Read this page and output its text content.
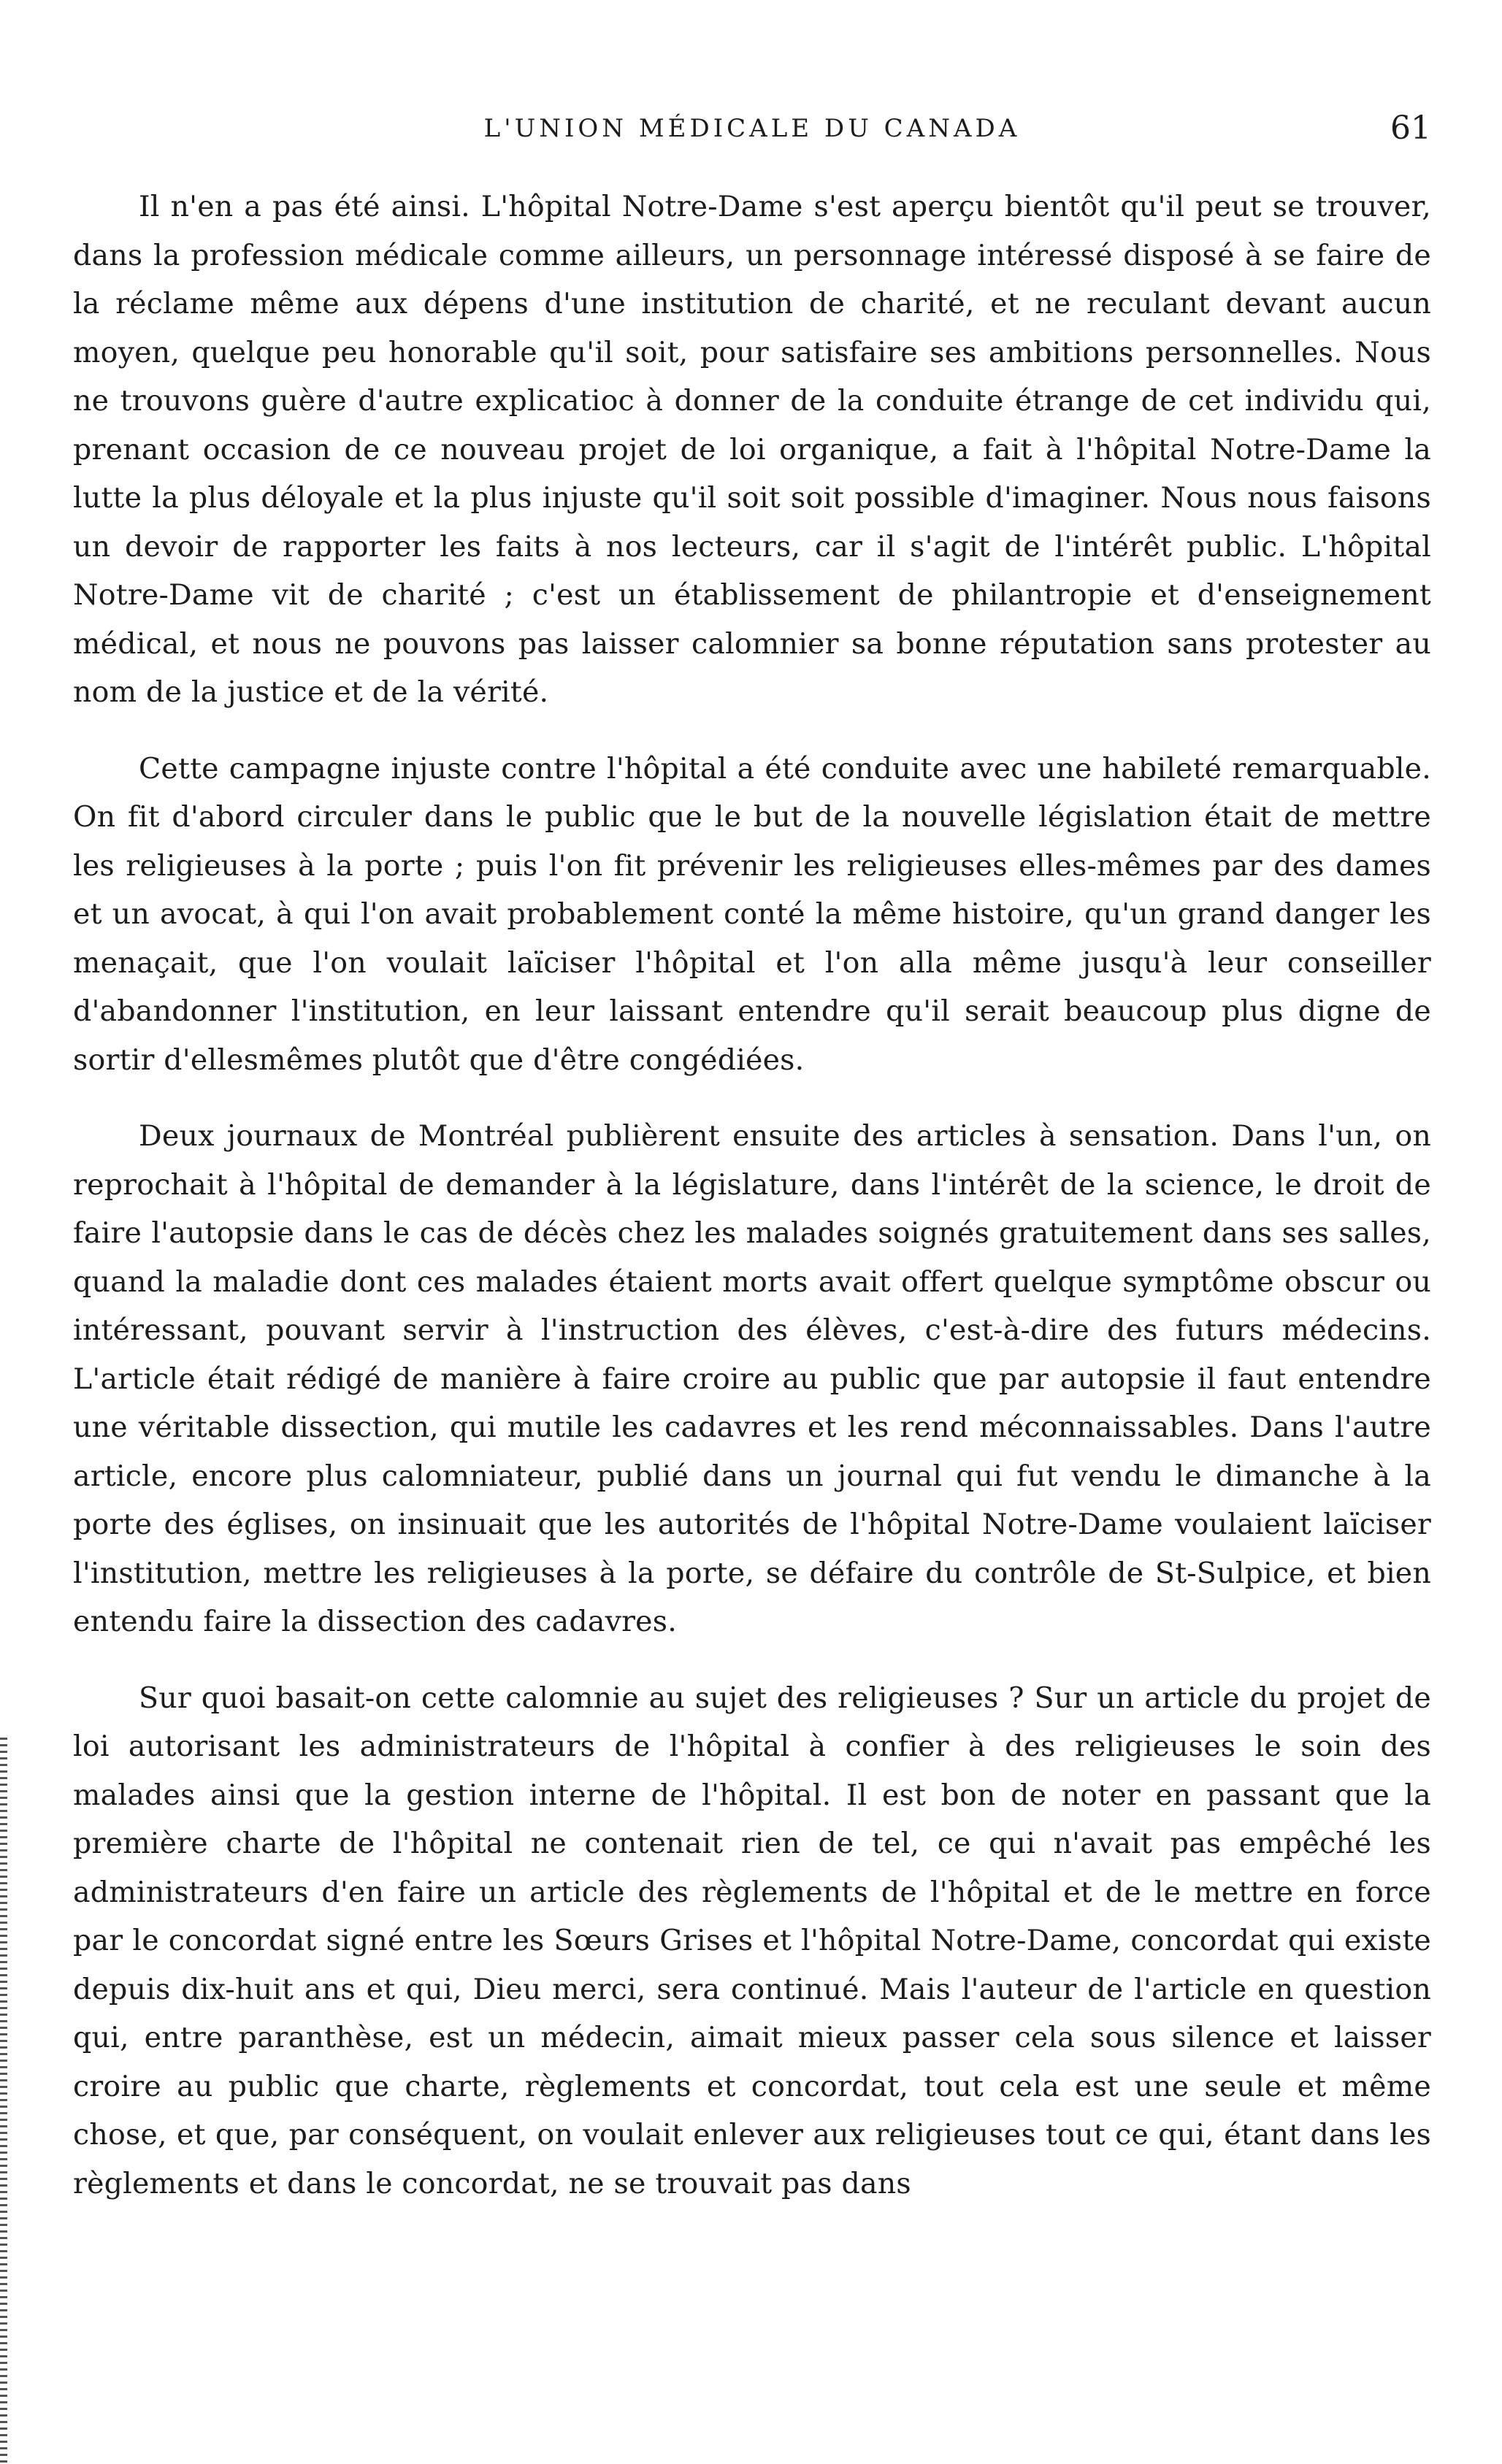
L'UNION MÉDICALE DU CANADA	61

Il n'en a pas été ainsi. L'hôpital Notre-Dame s'est aperçu bientôt qu'il peut se trouver, dans la profession médicale comme ailleurs, un personnage intéressé disposé à se faire de la réclame même aux dépens d'une institution de charité, et ne reculant devant aucun moyen, quelque peu honorable qu'il soit, pour satisfaire ses ambitions personnelles. Nous ne trouvons guère d'autre explicatioc à donner de la conduite étrange de cet individu qui, prenant occasion de ce nouveau projet de loi organique, a fait à l'hôpital Notre-Dame la lutte la plus déloyale et la plus injuste qu'il soit soit possible d'imaginer. Nous nous faisons un devoir de rapporter les faits à nos lecteurs, car il s'agit de l'intérêt public. L'hôpital Notre-Dame vit de charité ; c'est un établissement de philantropie et d'enseignement médical, et nous ne pouvons pas laisser calomnier sa bonne réputation sans protester au nom de la justice et de la vérité.

Cette campagne injuste contre l'hôpital a été conduite avec une habileté remarquable. On fit d'abord circuler dans le public que le but de la nouvelle législation était de mettre les religieuses à la porte ; puis l'on fit prévenir les religieuses elles-mêmes par des dames et un avocat, à qui l'on avait probablement conté la même histoire, qu'un grand danger les menaçait, que l'on voulait laïciser l'hôpital et l'on alla même jusqu'à leur conseiller d'abandonner l'institution, en leur laissant entendre qu'il serait beaucoup plus digne de sortir d'ellesmêmes plutôt que d'être congédiées.

Deux journaux de Montréal publièrent ensuite des articles à sensation. Dans l'un, on reprochait à l'hôpital de demander à la législature, dans l'intérêt de la science, le droit de faire l'autopsie dans le cas de décès chez les malades soignés gratuitement dans ses salles, quand la maladie dont ces malades étaient morts avait offert quelque symptôme obscur ou intéressant, pouvant servir à l'instruction des élèves, c'est-à-dire des futurs médecins. L'article était rédigé de manière à faire croire au public que par autopsie il faut entendre une véritable dissection, qui mutile les cadavres et les rend méconnaissables. Dans l'autre article, encore plus calomniateur, publié dans un journal qui fut vendu le dimanche à la porte des églises, on insinuait que les autorités de l'hôpital Notre-Dame voulaient laïciser l'institution, mettre les religieuses à la porte, se défaire du contrôle de St-Sulpice, et bien entendu faire la dissection des cadavres.

Sur quoi basait-on cette calomnie au sujet des religieuses ? Sur un article du projet de loi autorisant les administrateurs de l'hôpital à confier à des religieuses le soin des malades ainsi que la gestion interne de l'hôpital. Il est bon de noter en passant que la première charte de l'hôpital ne contenait rien de tel, ce qui n'avait pas empêché les administrateurs d'en faire un article des règlements de l'hôpital et de le mettre en force par le concordat signé entre les Sœurs Grises et l'hôpital Notre-Dame, concordat qui existe depuis dix-huit ans et qui, Dieu merci, sera continué. Mais l'auteur de l'article en question qui, entre paranthèse, est un médecin, aimait mieux passer cela sous silence et laisser croire au public que charte, règlements et concordat, tout cela est une seule et même chose, et que, par conséquent, on voulait enlever aux religieuses tout ce qui, étant dans les règlements et dans le concordat, ne se trouvait pas dans
